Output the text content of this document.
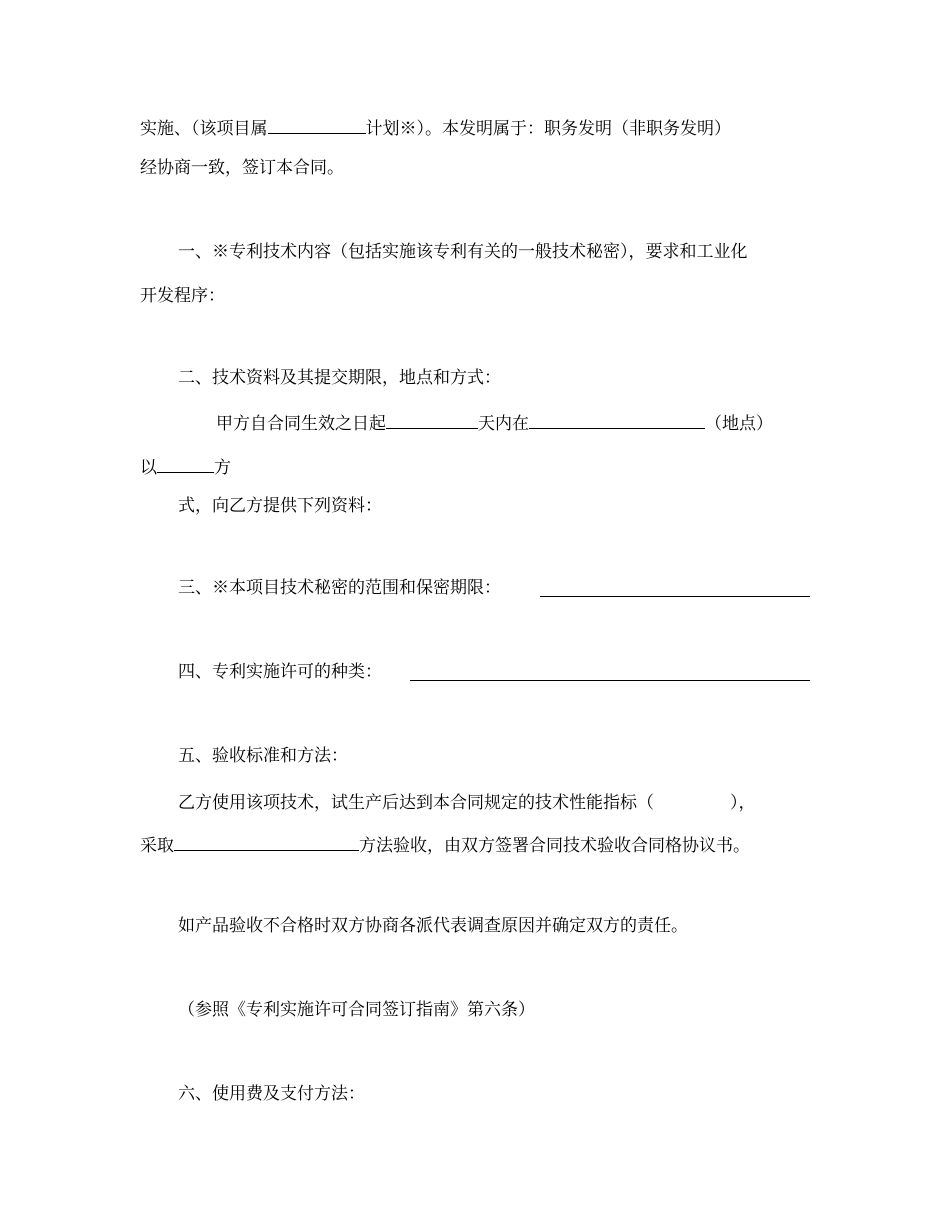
实施、（该项目属	计划※）。本发明属于：职务发明（非职务发明）
经协商一致，签订本合同。
一、※专利技术内容（包括实施该专利有关的一般技术秘密），要求和工业化
开发程序：
二、技术资料及其提交期限，地点和方式：
甲方自合同生效之日起	天内在	（地点）
以	方
式，向乙方提供下列资料：
三、※本项目技术秘密的范围和保密期限：
四、专利实施许可的种类：
五、验收标准和方法：
乙方使用该项技术，试生产后达到本合同规定的技术性能指标（	），
采取	方法验收，由双方签署合同技术验收合同格协议书。
如产品验收不合格时双方协商各派代表调查原因并确定双方的责任。
（参照《专利实施许可合同签订指南》第六条）
六、使用费及支付方法：
